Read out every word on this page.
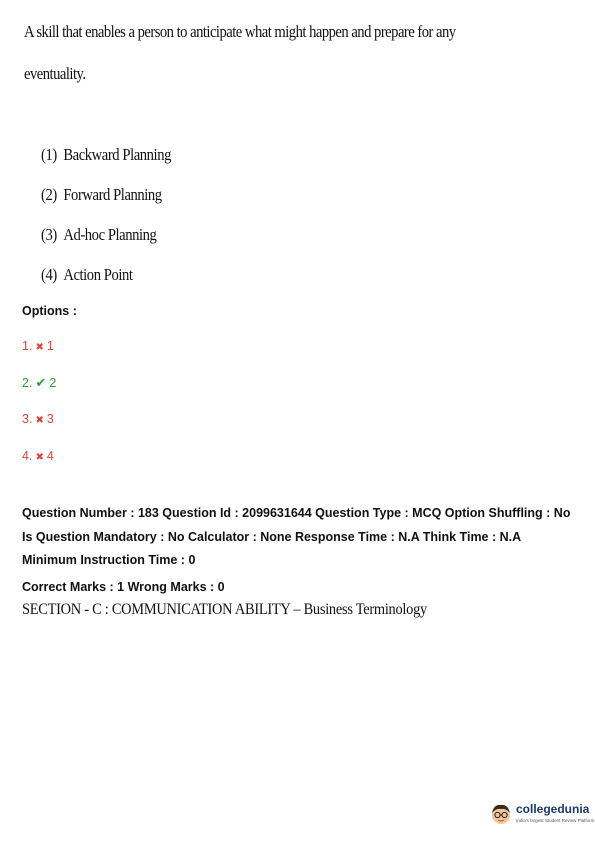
A skill that enables a person to anticipate what might happen and prepare for any
eventuality.
(1) Backward Planning
(2) Forward Planning
(3) Ad-hoc Planning
(4) Action Point
Options :
1. ✖ 1
2. ✔ 2
3. ✖ 3
4. ✖ 4
Question Number : 183 Question Id : 2099631644 Question Type : MCQ Option Shuffling : No
Is Question Mandatory : No Calculator : None Response Time : N.A Think Time : N.A
Minimum Instruction Time : 0
Correct Marks : 1 Wrong Marks : 0
SECTION - C : COMMUNICATION ABILITY – Business Terminology
collegedunia
India's largest Student Review Platform
